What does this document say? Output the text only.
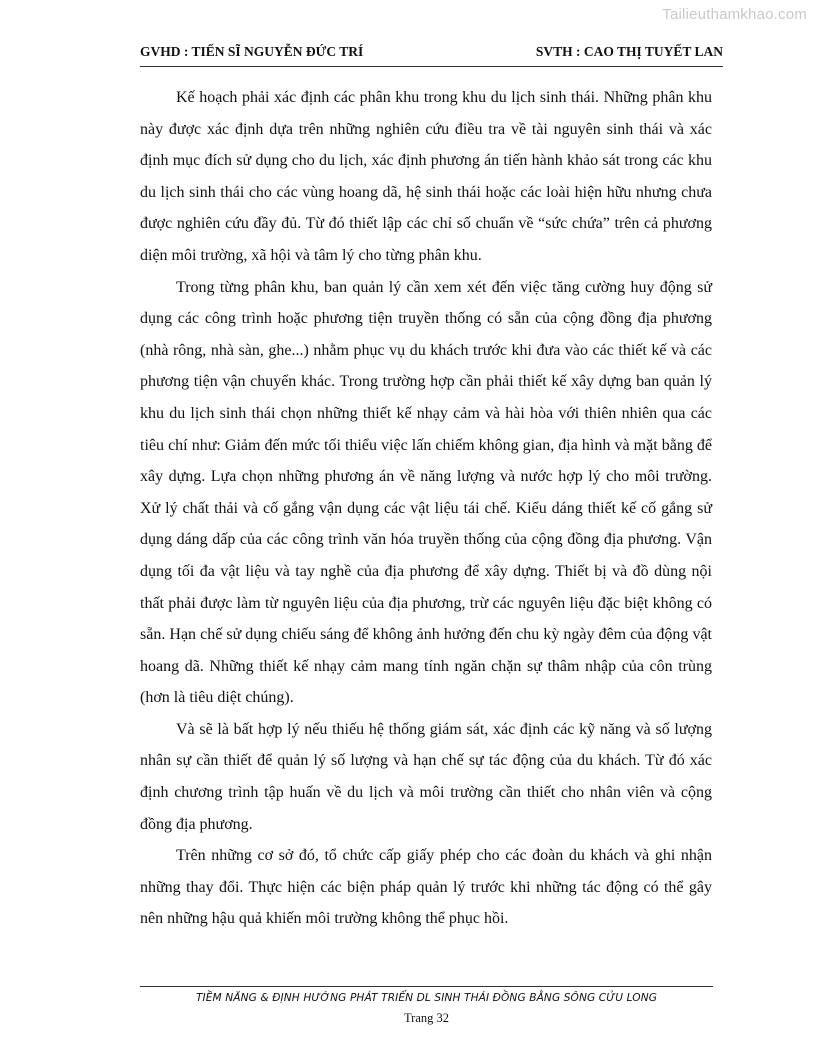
Tailieuthamkhao.com
GVHD : TIẾN SĨ NGUYỄN ĐỨC TRÍ	SVTH : CAO THỊ TUYẾT LAN

Kế hoạch phải xác định các phân khu trong khu du lịch sinh thái. Những phân khu này được xác định dựa trên những nghiên cứu điều tra về tài nguyên sinh thái và xác định mục đích sử dụng cho du lịch, xác định phương án tiến hành khảo sát trong các khu du lịch sinh thái cho các vùng hoang dã, hệ sinh thái hoặc các loài hiện hữu nhưng chưa được nghiên cứu đầy đủ. Từ đó thiết lập các chỉ số chuẩn về “sức chứa” trên cả phương diện môi trường, xã hội và tâm lý cho từng phân khu.

Trong từng phân khu, ban quản lý cần xem xét đến việc tăng cường huy động sử dụng các công trình hoặc phương tiện truyền thống có sẵn của cộng đồng địa phương (nhà rông, nhà sàn, ghe...) nhằm phục vụ du khách trước khi đưa vào các thiết kế và các phương tiện vận chuyển khác. Trong trường hợp cần phải thiết kế xây dựng ban quản lý khu du lịch sinh thái chọn những thiết kế nhạy cảm và hài hòa với thiên nhiên qua các tiêu chí như: Giảm đến mức tối thiểu việc lấn chiếm không gian, địa hình và mặt bằng để xây dựng. Lựa chọn những phương án về năng lượng và nước hợp lý cho môi trường. Xử lý chất thải và cố gắng vận dụng các vật liệu tái chế. Kiểu dáng thiết kế cố gắng sử dụng dáng dấp của các công trình văn hóa truyền thống của cộng đồng địa phương. Vận dụng tối đa vật liệu và tay nghề của địa phương để xây dựng. Thiết bị và đồ dùng nội thất phải được làm từ nguyên liệu của địa phương, trừ các nguyên liệu đặc biệt không có sẵn. Hạn chế sử dụng chiếu sáng để không ảnh hưởng đến chu kỳ ngày đêm của động vật hoang dã. Những thiết kế nhạy cảm mang tính ngăn chặn sự thâm nhập của côn trùng (hơn là tiêu diệt chúng).

Và sẽ là bất hợp lý nếu thiếu hệ thống giám sát, xác định các kỹ năng và số lượng nhân sự cần thiết để quản lý số lượng và hạn chế sự tác động của du khách. Từ đó xác định chương trình tập huấn về du lịch và môi trường cần thiết cho nhân viên và cộng đồng địa phương.

Trên những cơ sở đó, tổ chức cấp giấy phép cho các đoàn du khách và ghi nhận những thay đổi. Thực hiện các biện pháp quản lý trước khi những tác động có thể gây nên những hậu quả khiến môi trường không thể phục hồi.

TIỀM NĂNG & ĐỊNH HƯỚNG PHÁT TRIỂN DL SINH THÁI ĐỒNG BẰNG SÔNG CỬU LONG
Trang 32
